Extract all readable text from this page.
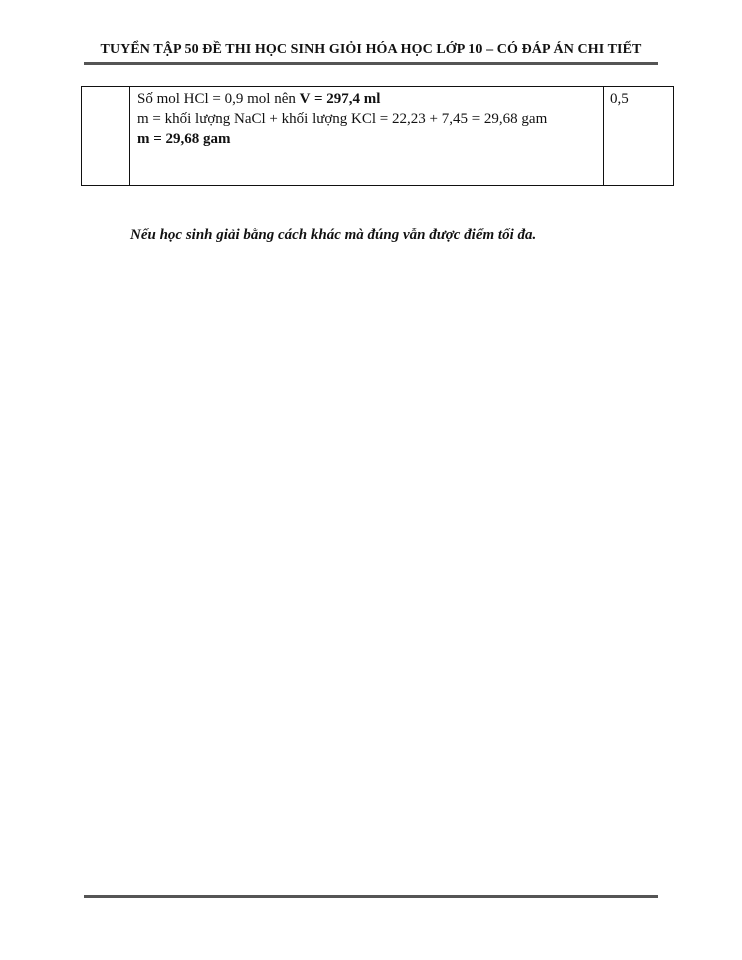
TUYỂN TẬP 50 ĐỀ THI HỌC SINH GIỎI HÓA HỌC LỚP 10 – CÓ ĐÁP ÁN CHI TIẾT

Số mol HCl = 0,9 mol nên V = 297,4 ml
m = khối lượng NaCl + khối lượng KCl = 22,23 + 7,45 = 29,68 gam
m = 29,68 gam
	0,5
Nếu học sinh giải bằng cách khác mà đúng vẫn được điểm tối đa.
